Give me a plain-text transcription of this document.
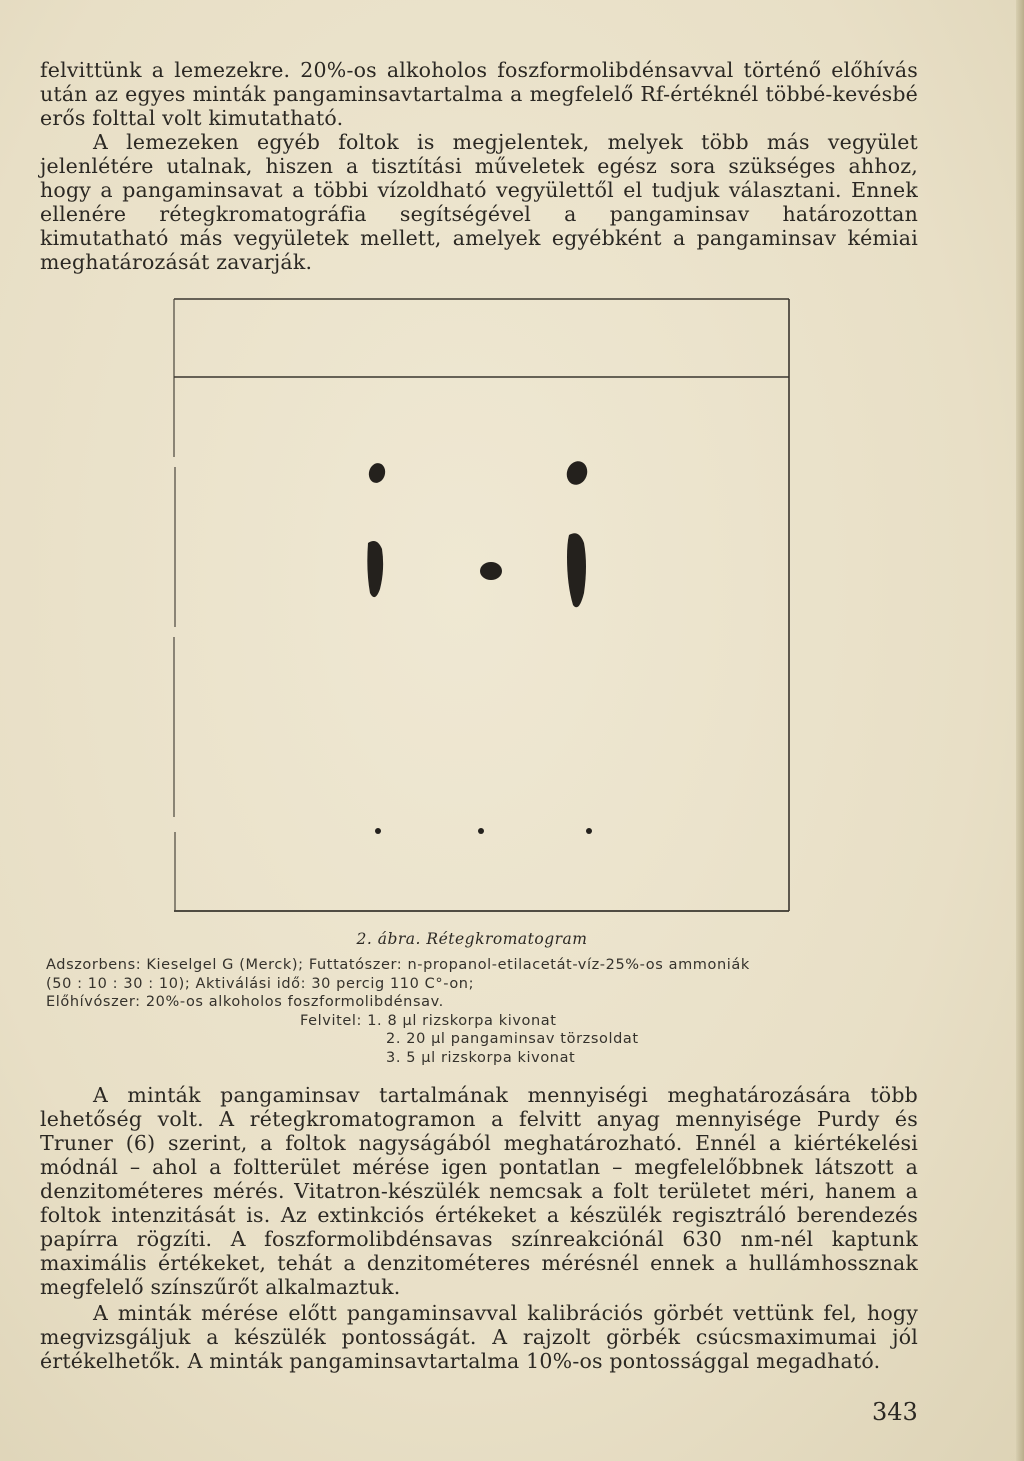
felvittünk a lemezekre. 20%-os alkoholos foszformolibdénsavval történő előhívás után az egyes minták pangaminsavtartalma a megfelelő Rf-értéknél többé-kevésbé erős folttal volt kimutatható.

A lemezeken egyéb foltok is megjelentek, melyek több más vegyület jelenlétére utalnak, hiszen a tisztítási műveletek egész sora szükséges ahhoz, hogy a pangaminsavat a többi vízoldható vegyülettől el tudjuk választani. Ennek ellenére rétegkromatográfia segítségével a pangaminsav határozottan kimutatható más vegyületek mellett, amelyek egyébként a pangaminsav kémiai meghatározását zavarják.

2. ábra. Rétegkromatogram
Adszorbens: Kieselgel G (Merck); Futtatószer: n-propanol-etilacetát-víz-25%-os ammoniák
(50 : 10 : 30 : 10); Aktiválási idő: 30 percig 110 C°-on;
Előhívószer: 20%-os alkoholos foszformolibdénsav.
Felvitel: 1. 8 µl rizskorpa kivonat
2. 20 µl pangaminsav törzsoldat
3. 5 µl rizskorpa kivonat

A minták pangaminsav tartalmának mennyiségi meghatározására több lehetőség volt. A rétegkromatogramon a felvitt anyag mennyisége Purdy és Truner (6) szerint, a foltok nagyságából meghatározható. Ennél a kiértékelési módnál – ahol a foltterület mérése igen pontatlan – megfelelőbbnek látszott a denzitométeres mérés. Vitatron-készülék nemcsak a folt területet méri, hanem a foltok intenzitását is. Az extinkciós értékeket a készülék regisztráló berendezés papírra rögzíti. A foszformolibdénsavas színreakciónál 630 nm-nél kaptunk maximális értékeket, tehát a denzitométeres mérésnél ennek a hullámhossznak megfelelő színszűrőt alkalmaztuk.

A minták mérése előtt pangaminsavval kalibrációs görbét vettünk fel, hogy megvizsgáljuk a készülék pontosságát. A rajzolt görbék csúcsmaximumai jól értékelhetők. A minták pangaminsavtartalma 10%-os pontossággal megadható.

343
